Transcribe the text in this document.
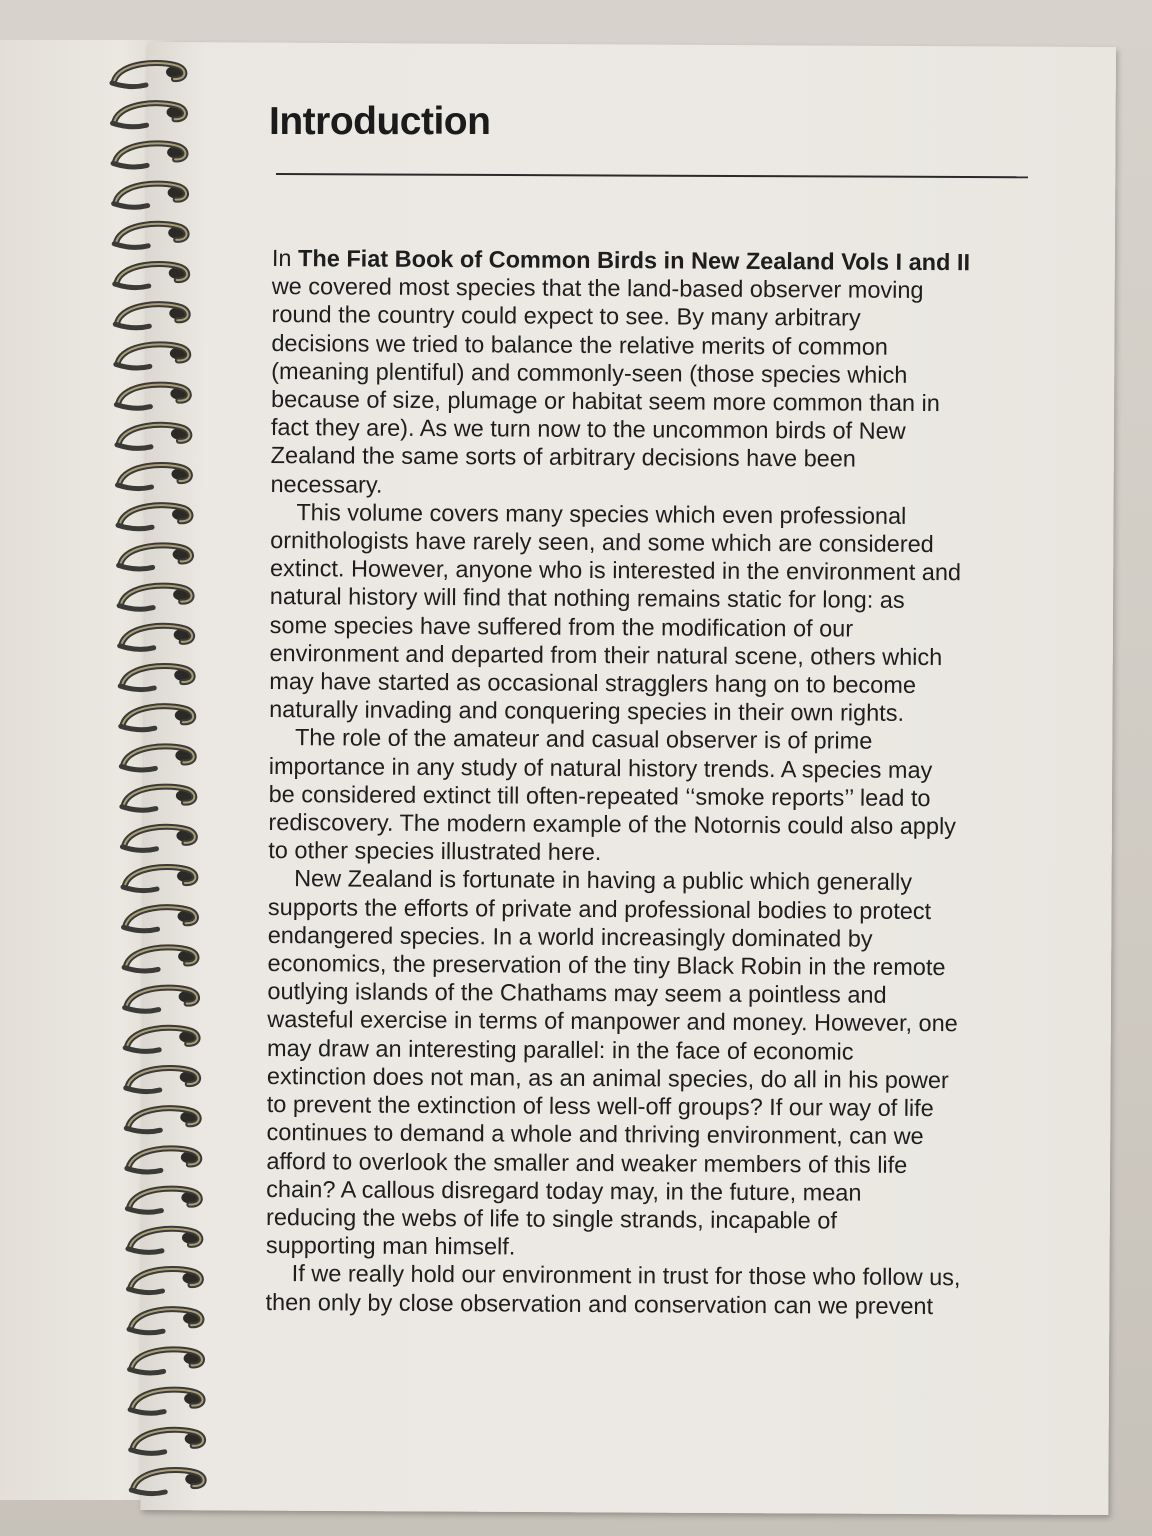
Introduction
In The Fiat Book of Common Birds in New Zealand Vols I and II
we covered most species that the land-based observer moving
round the country could expect to see. By many arbitrary
decisions we tried to balance the relative merits of common
(meaning plentiful) and commonly-seen (those species which
because of size, plumage or habitat seem more common than in
fact they are). As we turn now to the uncommon birds of New
Zealand the same sorts of arbitrary decisions have been
necessary.
This volume covers many species which even professional
ornithologists have rarely seen, and some which are considered
extinct. However, anyone who is interested in the environment and
natural history will find that nothing remains static for long: as
some species have suffered from the modification of our
environment and departed from their natural scene, others which
may have started as occasional stragglers hang on to become
naturally invading and conquering species in their own rights.
The role of the amateur and casual observer is of prime
importance in any study of natural history trends. A species may
be considered extinct till often-repeated ‘‘smoke reports’’ lead to
rediscovery. The modern example of the Notornis could also apply
to other species illustrated here.
New Zealand is fortunate in having a public which generally
supports the efforts of private and professional bodies to protect
endangered species. In a world increasingly dominated by
economics, the preservation of the tiny Black Robin in the remote
outlying islands of the Chathams may seem a pointless and
wasteful exercise in terms of manpower and money. However, one
may draw an interesting parallel: in the face of economic
extinction does not man, as an animal species, do all in his power
to prevent the extinction of less well-off groups? If our way of life
continues to demand a whole and thriving environment, can we
afford to overlook the smaller and weaker members of this life
chain? A callous disregard today may, in the future, mean
reducing the webs of life to single strands, incapable of
supporting man himself.
If we really hold our environment in trust for those who follow us,
then only by close observation and conservation can we prevent
